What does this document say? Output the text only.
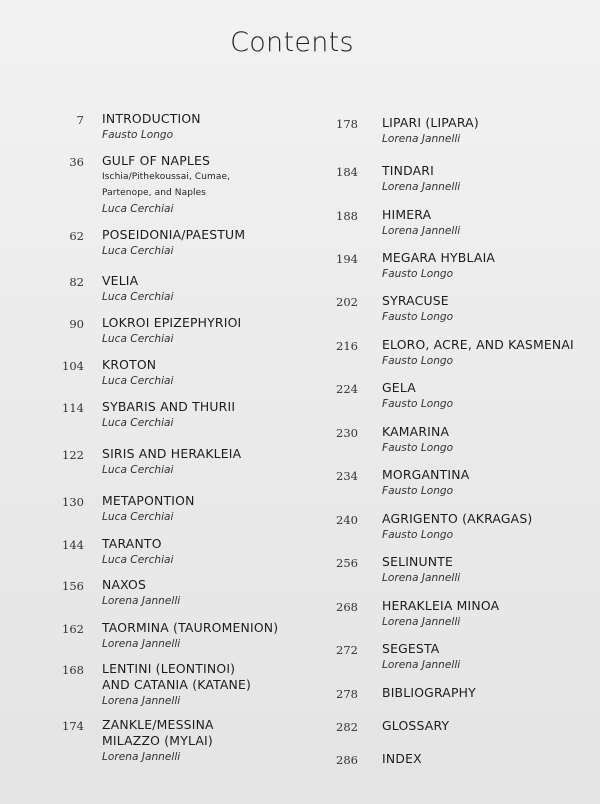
Contents
7 INTRODUCTION
Fausto Longo
36 GULF OF NAPLES
Ischia/Pithekoussai, Cumae,
Partenope, and Naples
Luca Cerchiai
62 POSEIDONIA/PAESTUM
Luca Cerchiai
82 VELIA
Luca Cerchiai
90 LOKROI EPIZEPHYRIOI
Luca Cerchiai
104 KROTON
Luca Cerchiai
114 SYBARIS AND THURII
Luca Cerchiai
122 SIRIS AND HERAKLEIA
Luca Cerchiai
130 METAPONTION
Luca Cerchiai
144 TARANTO
Luca Cerchiai
156 NAXOS
Lorena Jannelli
162 TAORMINA (TAUROMENION)
Lorena Jannelli
168 LENTINI (LEONTINOI)
AND CATANIA (KATANE)
Lorena Jannelli
174 ZANKLE/MESSINA
MILAZZO (MYLAI)
Lorena Jannelli
178 LIPARI (LIPARA)
Lorena Jannelli
184 TINDARI
Lorena Jannelli
188 HIMERA
Lorena Jannelli
194 MEGARA HYBLAIA
Fausto Longo
202 SYRACUSE
Fausto Longo
216 ELORO, ACRE, AND KASMENAI
Fausto Longo
224 GELA
Fausto Longo
230 KAMARINA
Fausto Longo
234 MORGANTINA
Fausto Longo
240 AGRIGENTO (AKRAGAS)
Fausto Longo
256 SELINUNTE
Lorena Jannelli
268 HERAKLEIA MINOA
Lorena Jannelli
272 SEGESTA
Lorena Jannelli
278 BIBLIOGRAPHY
282 GLOSSARY
286 INDEX
